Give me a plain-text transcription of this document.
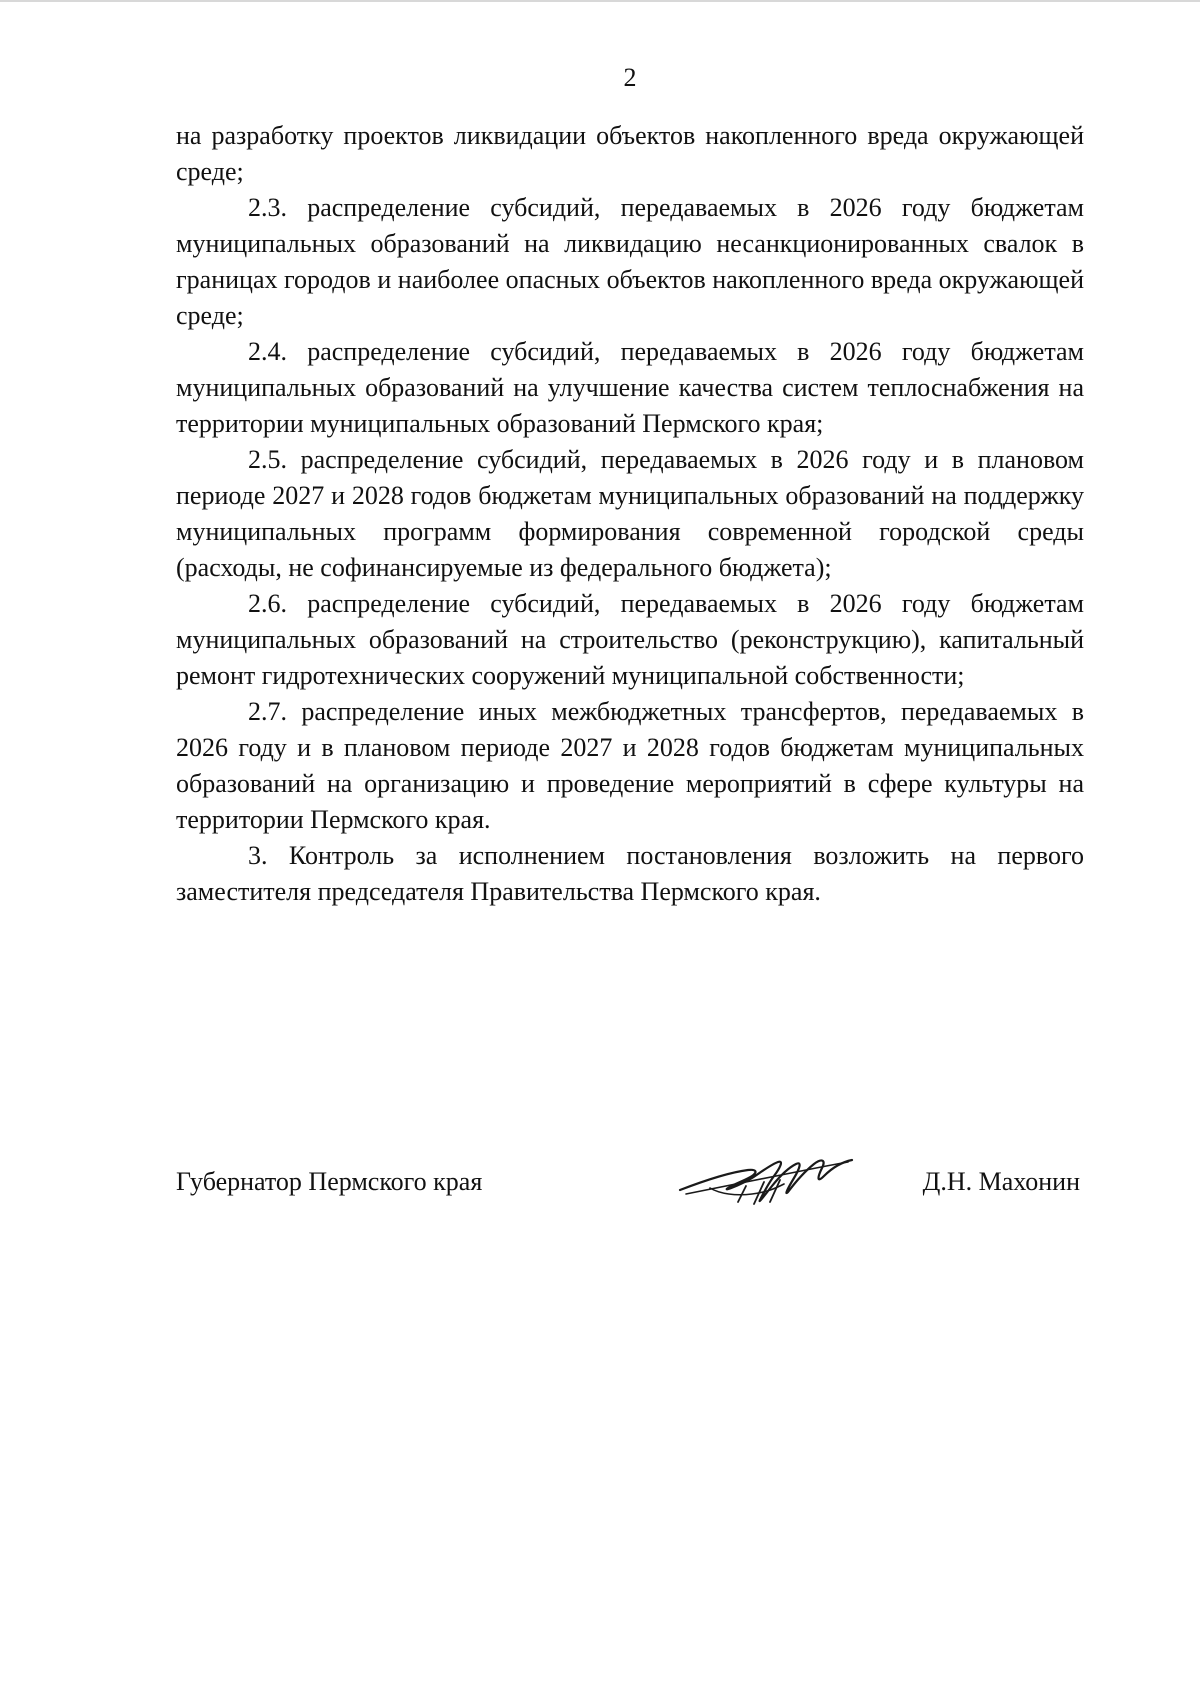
2

на разработку проектов ликвидации объектов накопленного вреда окружающей среде;

2.3. распределение субсидий, передаваемых в 2026 году бюджетам муниципальных образований на ликвидацию несанкционированных свалок в границах городов и наиболее опасных объектов накопленного вреда окружающей среде;

2.4. распределение субсидий, передаваемых в 2026 году бюджетам муниципальных образований на улучшение качества систем теплоснабжения на территории муниципальных образований Пермского края;

2.5. распределение субсидий, передаваемых в 2026 году и в плановом периоде 2027 и 2028 годов бюджетам муниципальных образований на поддержку муниципальных программ формирования современной городской среды (расходы, не софинансируемые из федерального бюджета);

2.6. распределение субсидий, передаваемых в 2026 году бюджетам муниципальных образований на строительство (реконструкцию), капитальный ремонт гидротехнических сооружений муниципальной собственности;

2.7. распределение иных межбюджетных трансфертов, передаваемых в 2026 году и в плановом периоде 2027 и 2028 годов бюджетам муниципальных образований на организацию и проведение мероприятий в сфере культуры на территории Пермского края.

3. Контроль за исполнением постановления возложить на первого заместителя председателя Правительства Пермского края.

Губернатор Пермского края	Д.Н. Махонин
